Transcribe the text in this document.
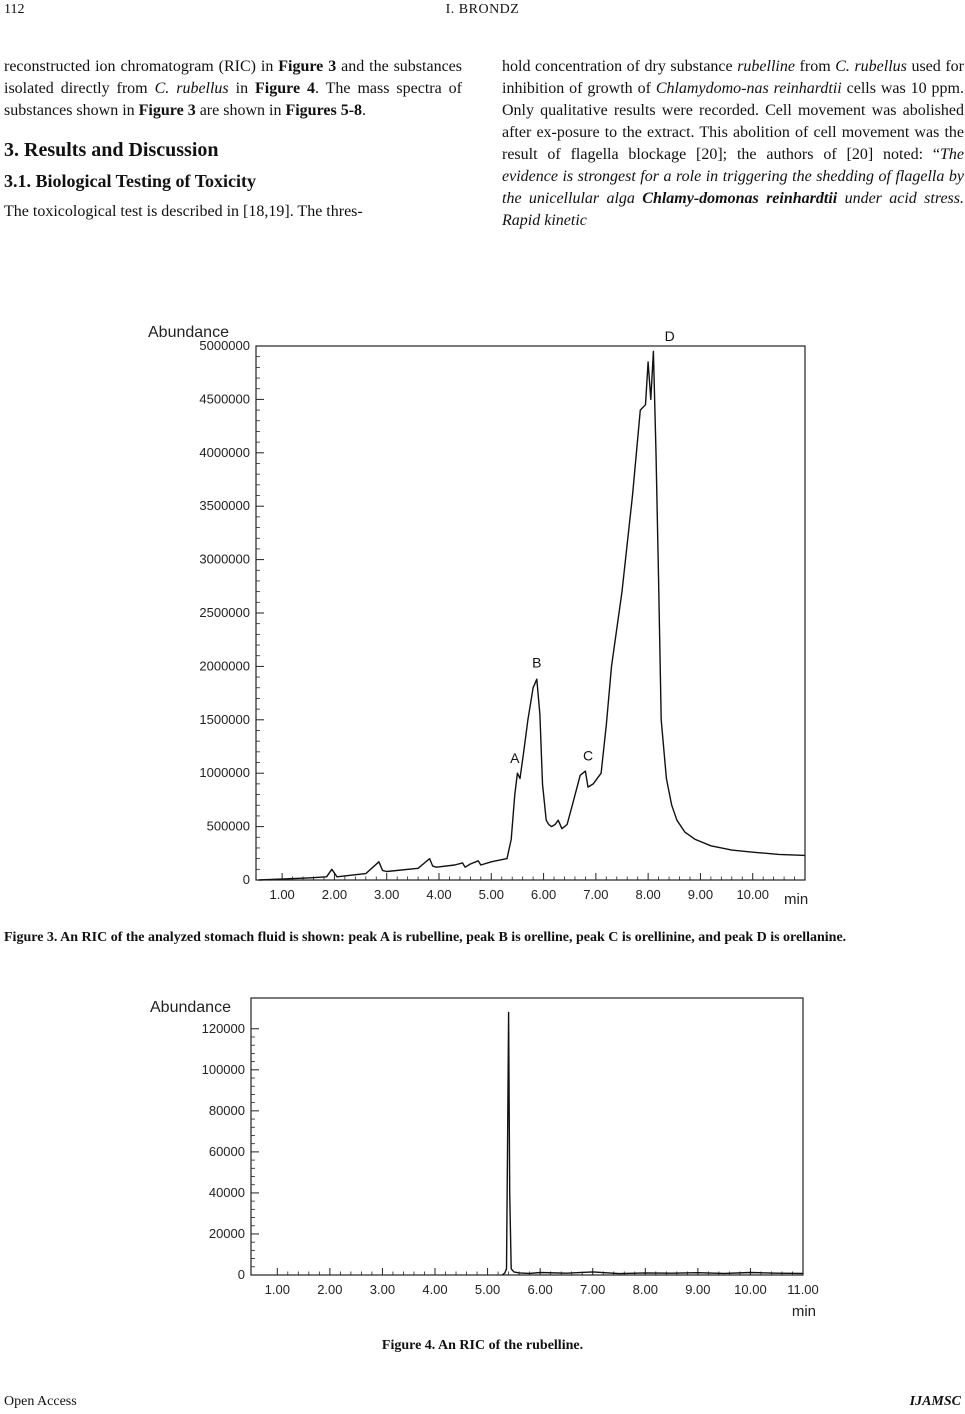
112	I. BRONDZ

reconstructed ion chromatogram (RIC) in Figure 3 and the substances isolated directly from C. rubellus in Figure 4. The mass spectra of substances shown in Figure 3 are shown in Figures 5-8.

3. Results and Discussion

3.1. Biological Testing of Toxicity

The toxicological test is described in [18,19]. The thres-

hold concentration of dry substance rubelline from C. rubellus used for inhibition of growth of Chlamydomo-nas reinhardtii cells was 10 ppm. Only qualitative results were recorded. Cell movement was abolished after ex-posure to the extract. This abolition of cell movement was the result of flagella blockage [20]; the authors of [20] noted: “The evidence is strongest for a role in triggering the shedding of flagella by the unicellular alga Chlamy-domonas reinhardtii under acid stress. Rapid kinetic

0
500000
1000000
1500000
2000000
2500000
3000000
3500000
4000000
4500000
5000000
1.00 2.00 3.00 4.00 5.00 6.00 7.00 8.00 9.00 10.00
Abundance
min
A
B
C
D
Figure 3. An RIC of the analyzed stomach fluid is shown: peak A is rubelline, peak B is orelline, peak C is orellinine, and peak D is orellanine.
0
20000
40000
60000
80000
100000
120000
1.00 2.00 3.00 4.00 5.00 6.00 7.00 8.00 9.00 10.00 11.00
Abundance
min
Figure 4. An RIC of the rubelline.
Open Access	IJAMSC
